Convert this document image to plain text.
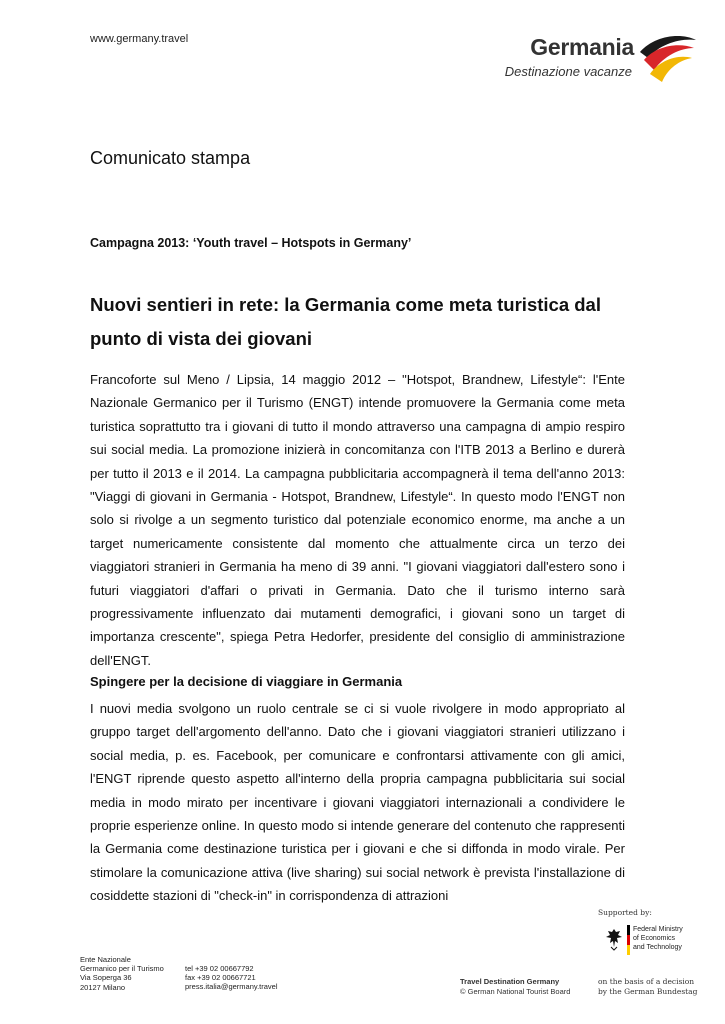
www.germany.travel	Germania
Destinazione vacanze
Comunicato stampa
Campagna 2013: ‘Youth travel – Hotspots in Germany’
Nuovi sentieri in rete: la Germania come meta turistica dal punto di vista dei giovani
Francoforte sul Meno / Lipsia, 14 maggio 2012 – "Hotspot, Brandnew, Lifestyle“: l'Ente Nazionale Germanico per il Turismo (ENGT) intende promuovere la Germania come meta turistica soprattutto tra i giovani di tutto il mondo attraverso una campagna di ampio respiro sui social media. La promozione inizierà in concomitanza con l'ITB 2013 a Berlino e durerà per tutto il 2013 e il 2014. La campagna pubblicitaria accompagnerà il tema dell'anno 2013: "Viaggi di giovani in Germania - Hotspot, Brandnew, Lifestyle“. In questo modo l'ENGT non solo si rivolge a un segmento turistico dal potenziale economico enorme, ma anche a un target numericamente consistente dal momento che attualmente circa un terzo dei viaggiatori stranieri in Germania ha meno di 39 anni. "I giovani viaggiatori dall'estero sono i futuri viaggiatori d'affari o privati in Germania. Dato che il turismo interno sarà progressivamente influenzato dai mutamenti demografici, i giovani sono un target di importanza crescente", spiega Petra Hedorfer, presidente del consiglio di amministrazione dell'ENGT.
Spingere per la decisione di viaggiare in Germania
I nuovi media svolgono un ruolo centrale se ci si vuole rivolgere in modo appropriato al gruppo target dell'argomento dell'anno. Dato che i giovani viaggiatori stranieri utilizzano i social media, p. es. Facebook, per comunicare e confrontarsi attivamente con gli amici, l'ENGT riprende questo aspetto all'interno della propria campagna pubblicitaria sui social media in modo mirato per incentivare i giovani viaggiatori internazionali a condividere le proprie esperienze online. In questo modo si intende generare del contenuto che rappresenti la Germania come destinazione turistica per i giovani e che si diffonda in modo virale. Per stimolare la comunicazione attiva (live sharing) sui social network è prevista l'installazione di cosiddette stazioni di "check-in" in corrispondenza di attrazioni
Supported by:
Federal Ministry
of Economics
and Technology
Ente Nazionale
Germanico per il Turismo
Via Soperga 36
20127 Milano
tel +39 02 00667792
fax +39 02 00667721
press.italia@germany.travel
Travel Destination Germany
© German National Tourist Board
on the basis of a decision
by the German Bundestag
